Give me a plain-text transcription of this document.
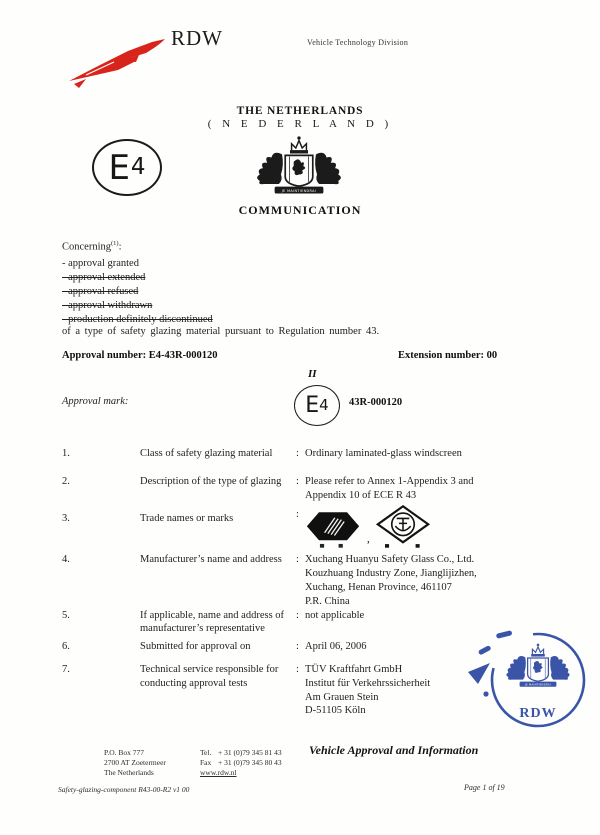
RDW	Vehicle Technology Division
THE NETHERLANDS
( N E D E R L A N D )
E 4
JE MAINTIENDRAI
COMMUNICATION
Concerning$^{(1)}$:
- approval granted
- approval extended
- approval refused
- approval withdrawn
- production definitely discontinued
of a type of safety glazing material pursuant to Regulation number 43.
Approval number: E4-43R-000120	Extension number: 00
Approval mark:
II
E 4 43R-000120
1.	Class of safety glazing material	: Ordinary laminated-glass windscreen
2.	Description of the type of glazing	: Please refer to Annex 1-Appendix 3 and
Appendix 10 of ECE R 43
3.	Trade names or marks	:
,
4.	Manufacturer’s name and address	: Xuchang Huanyu Safety Glass Co., Ltd.
Kouzhuang Industry Zone, Jianglijizhen,
Xuchang, Henan Province, 461107
P.R. China
5.	If applicable, name and address of
manufacturer’s representative
: not applicable
6.	Submitted for approval on	: April 06, 2006
7.	Technical service responsible for
conducting approval tests
: TÜV Kraftfahrt GmbH
Institut für Verkehrssicherheit
Am Grauen Stein
D-51105 Köln
JE MAINTIENDRAI
RDW
P.O. Box 777
2700 AT Zoetermeer
The Netherlands
Tel. + 31 (0)79 345 81 43
Fax + 31 (0)79 345 80 43
www.rdw.nl
Vehicle Approval and Information
Safety-glazing-component R43-00-R2 v1 00	Page 1 of 19
